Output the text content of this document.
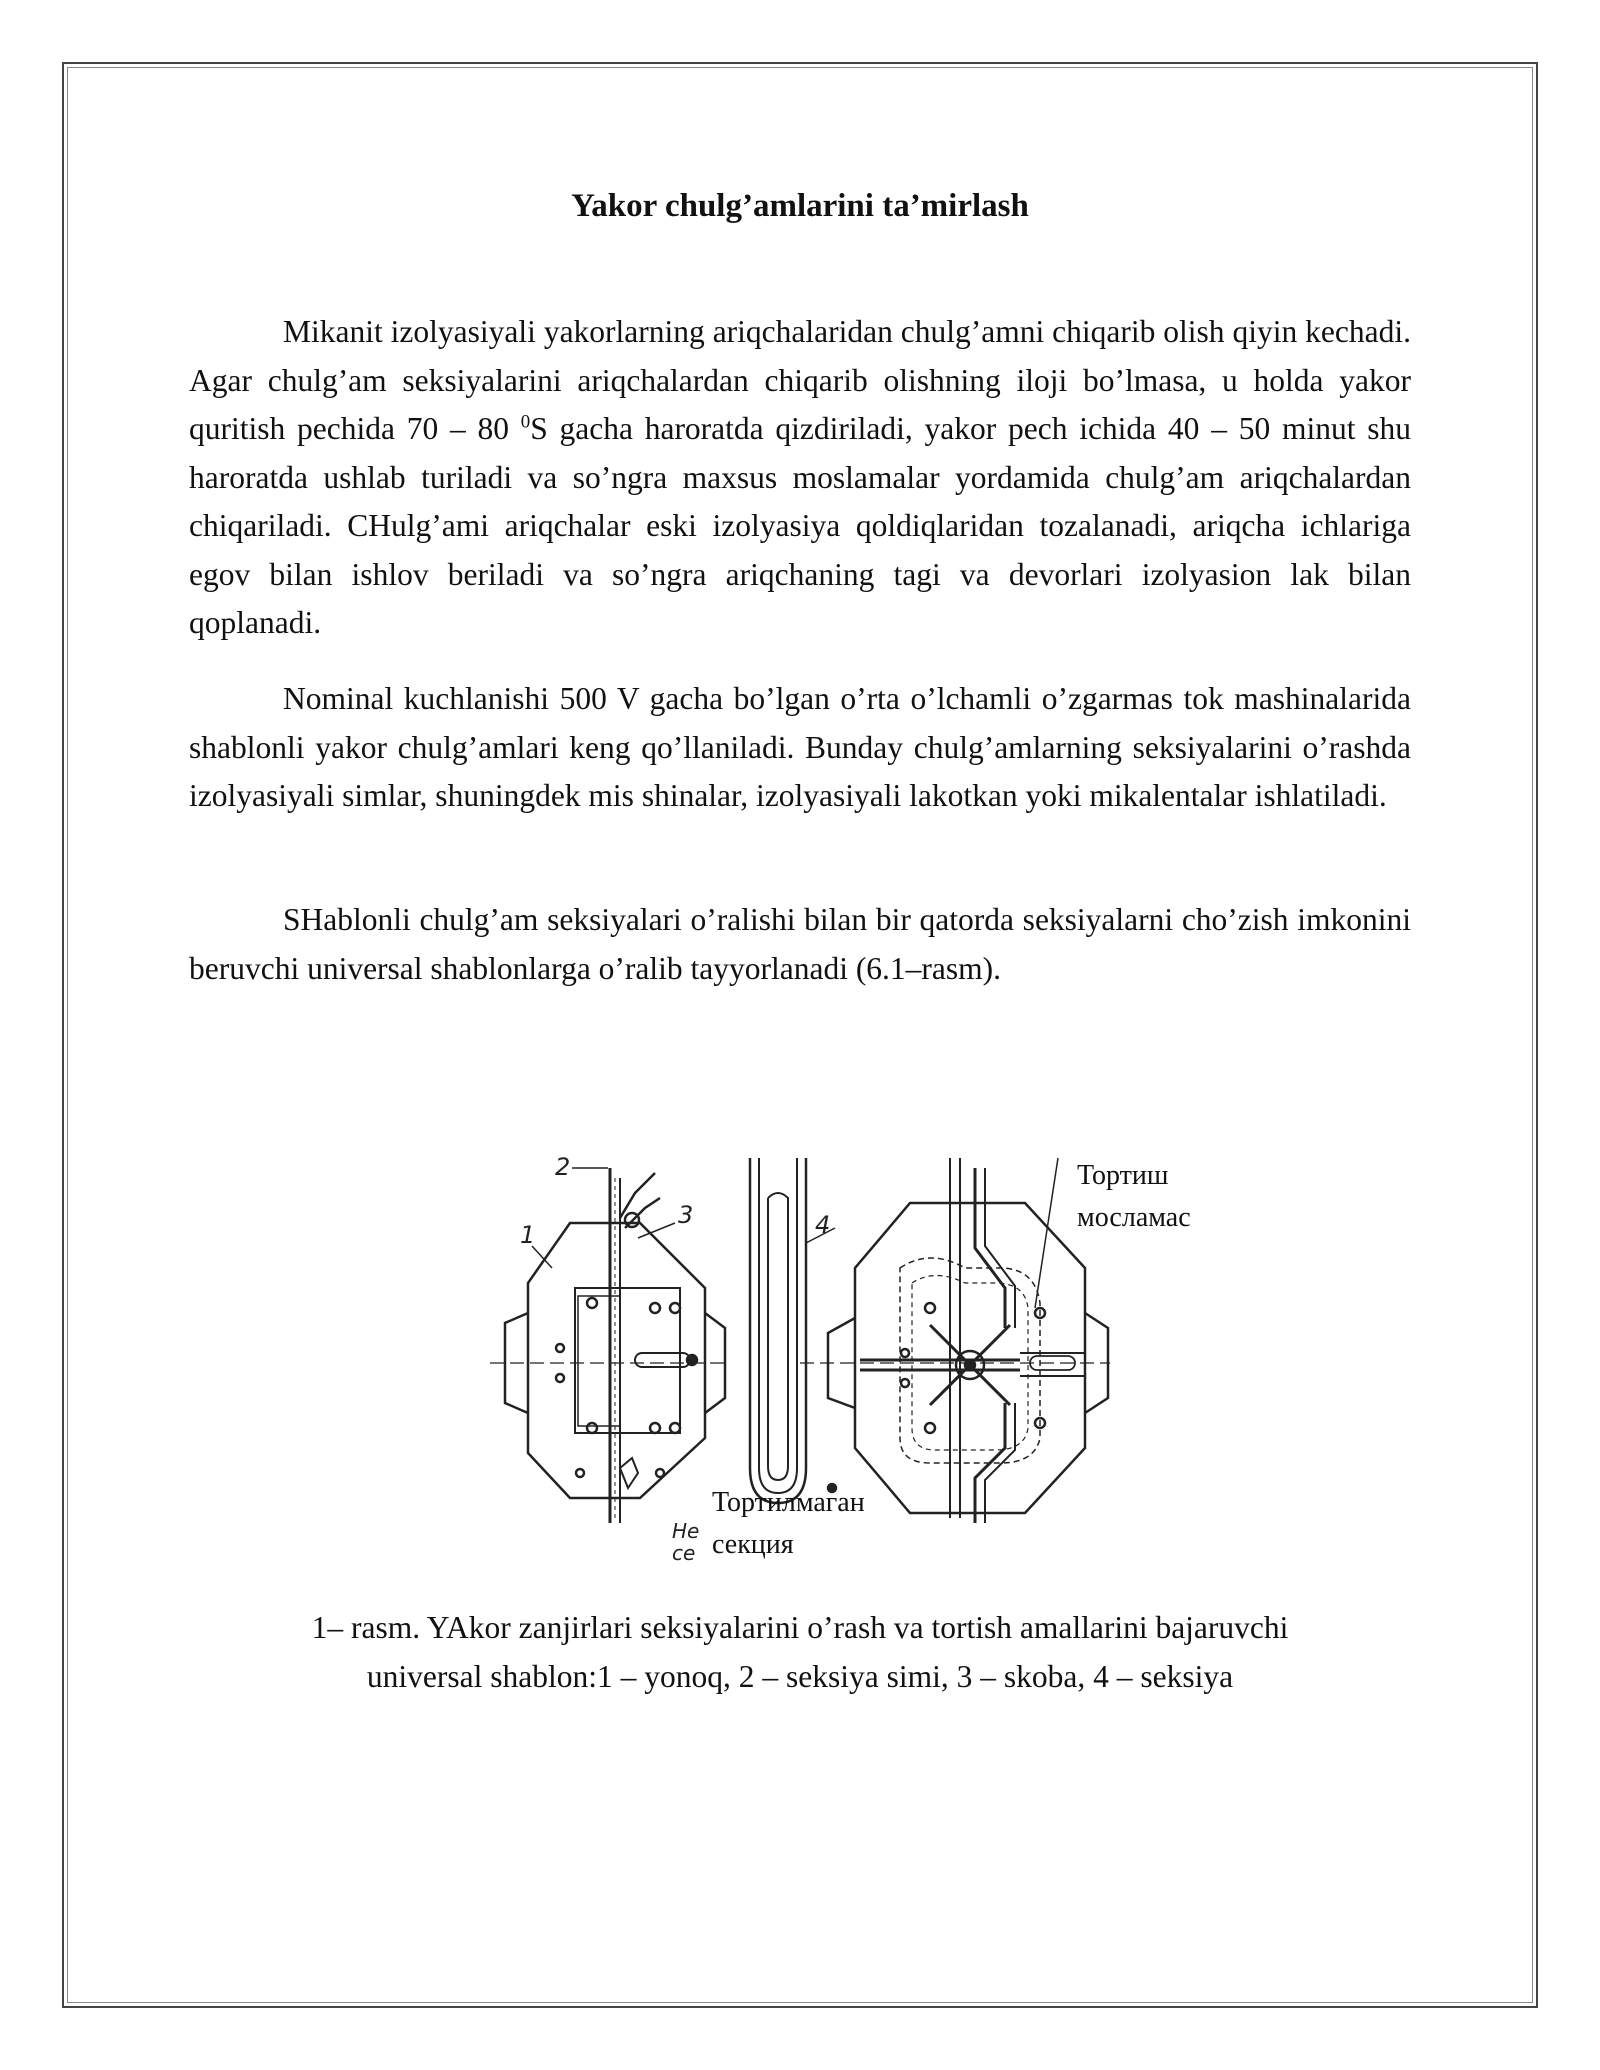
Yakor chulg’amlarini ta’mirlash

Mikanit izolyasiyali yakorlarning ariqchalaridan chulg’amni chiqarib olish qiyin kechadi. Agar chulg’am seksiyalarini ariqchalardan chiqarib olishning iloji bo’lmasa, u holda yakor quritish pechida 70 – 80 $^0$S gacha haroratda qizdiriladi, yakor pech ichida 40 – 50 minut shu haroratda ushlab turiladi va so’ngra maxsus moslamalar yordamida chulg’am ariqchalardan chiqariladi. CHulg’ami ariqchalar eski izolyasiya qoldiqlaridan tozalanadi, ariqcha ichlariga egov bilan ishlov beriladi va so’ngra ariqchaning tagi va devorlari izolyasion lak bilan qoplanadi.

Nominal kuchlanishi 500 V gacha bo’lgan o’rta o’lchamli o’zgarmas tok mashinalarida shablonli yakor chulg’amlari keng qo’llaniladi. Bunday chulg’amlarning seksiyalarini o’rashda izolyasiyali simlar, shuningdek mis shinalar, izolyasiyali lakotkan yoki mikalentalar ishlatiladi.

SHablonli chulg’am seksiyalari o’ralishi bilan bir qatorda seksiyalarni cho’zish imkonini beruvchi universal shablonlarga o’ralib tayyorlanadi (6.1–rasm).

2
1
3	4
Не
се
Тортиш
мосламас
Тортилмаган
секция
1– rasm. YAkor zanjirlari seksiyalarini o’rash va tortish amallarini bajaruvchi
universal shablon:1 – yonoq, 2 – seksiya simi, 3 – skoba, 4 – seksiya
